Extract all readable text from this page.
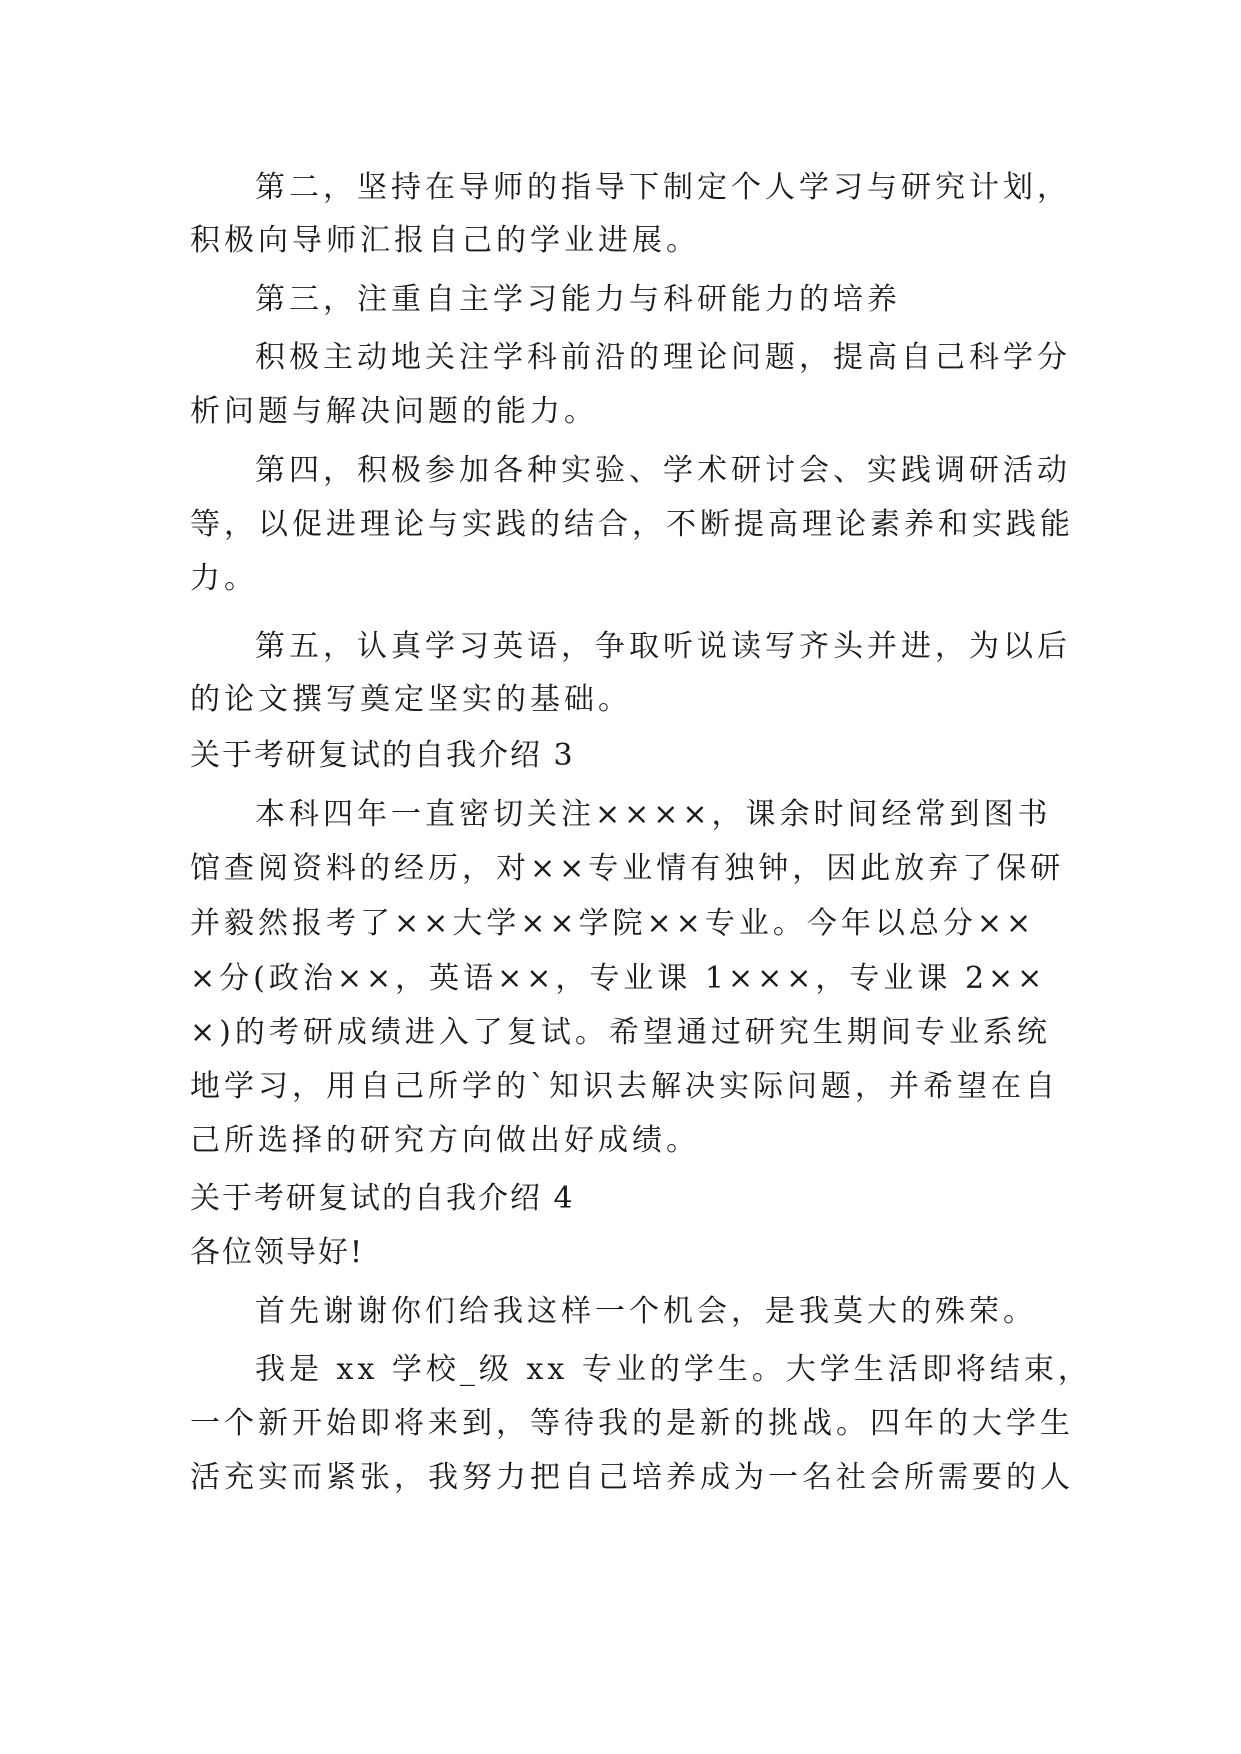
第二，坚持在导师的指导下制定个人学习与研究计划，

积极向导师汇报自己的学业进展。

第三，注重自主学习能力与科研能力的培养

积极主动地关注学科前沿的理论问题，提高自己科学分

析问题与解决问题的能力。

第四，积极参加各种实验、学术研讨会、实践调研活动

等，以促进理论与实践的结合，不断提高理论素养和实践能

力。

第五，认真学习英语，争取听说读写齐头并进，为以后

的论文撰写奠定坚实的基础。

关于考研复试的自我介绍 3

本科四年一直密切关注××××，课余时间经常到图书

馆查阅资料的经历，对××专业情有独钟，因此放弃了保研

并毅然报考了××大学××学院××专业。今年以总分××

×分(政治××，英语××，专业课 1×××，专业课 2××

×)的考研成绩进入了复试。希望通过研究生期间专业系统

地学习，用自己所学的`知识去解决实际问题，并希望在自

己所选择的研究方向做出好成绩。

关于考研复试的自我介绍 4

各位领导好!

首先谢谢你们给我这样一个机会，是我莫大的殊荣。

我是 xx 学校_级 xx 专业的学生。大学生活即将结束，

一个新开始即将来到，等待我的是新的挑战。四年的大学生

活充实而紧张，我努力把自己培养成为一名社会所需要的人
